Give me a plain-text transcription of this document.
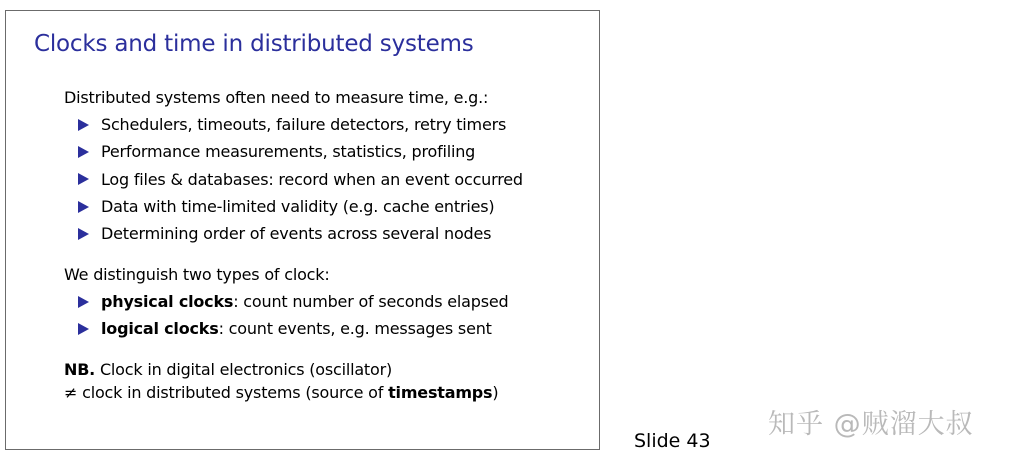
Clocks and time in distributed systems
Distributed systems often need to measure time, e.g.:
Schedulers, timeouts, failure detectors, retry timers
Performance measurements, statistics, profiling
Log files & databases: record when an event occurred
Data with time-limited validity (e.g. cache entries)
Determining order of events across several nodes
We distinguish two types of clock:
physical clocks : count number of seconds elapsed
logical clocks : count events, e.g. messages sent
NB. Clock in digital electronics (oscillator)
≠ clock in distributed systems (source of timestamps)
Slide 43
知乎 @贼溜大叔
